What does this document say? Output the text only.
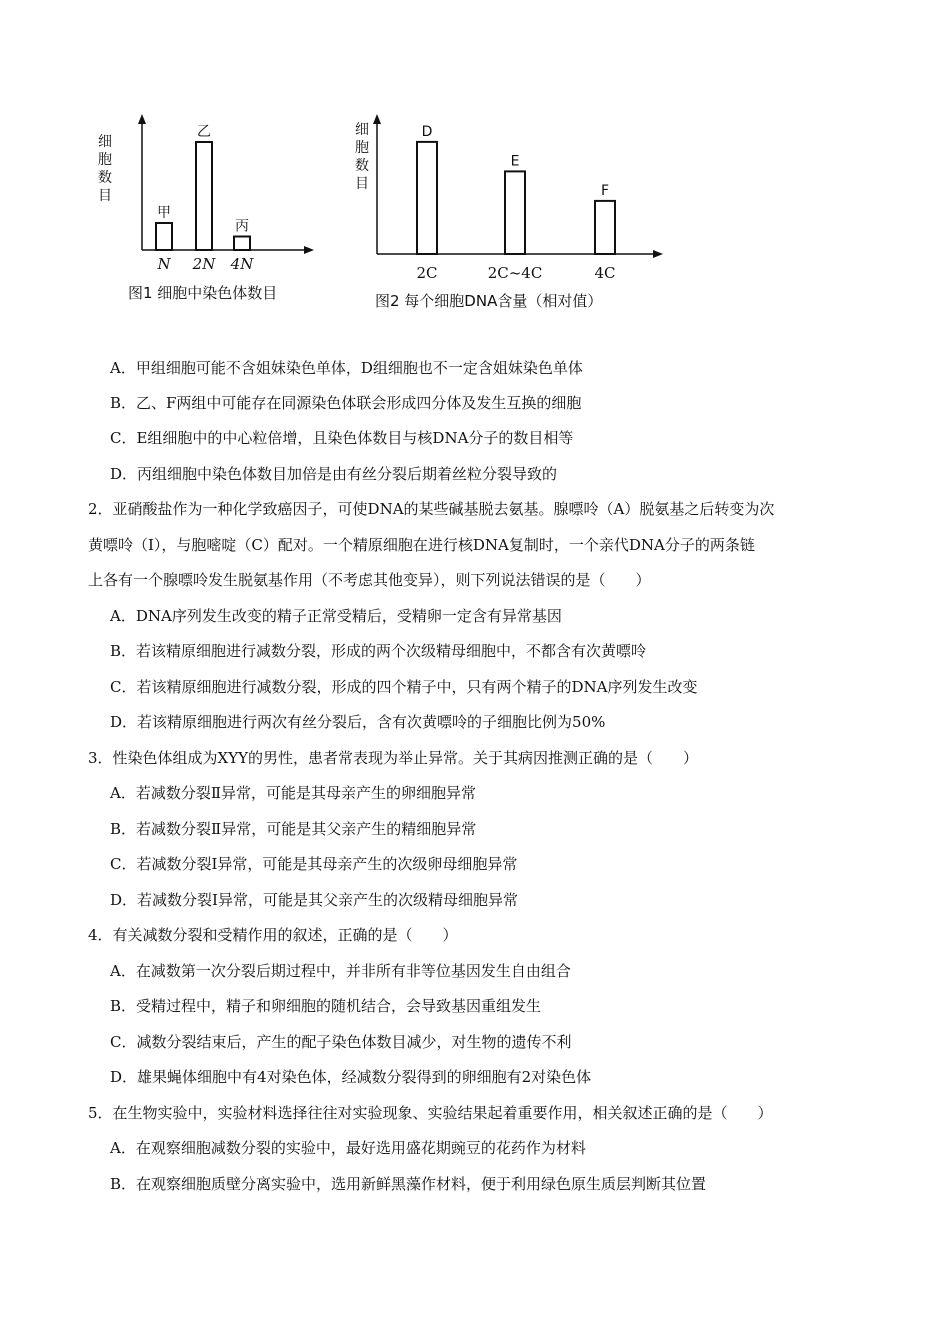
细
胞
数
目
甲
N
乙
2N
丙
4N
图1 细胞中染色体数目
细
胞
数
目
D
2C
E
2C~4C
F
4C
图2 每个细胞DNA含量（相对值）
A．甲组细胞可能不含姐妹染色单体，D组细胞也不一定含姐妹染色单体
B．乙、F两组中可能存在同源染色体联会形成四分体及发生互换的细胞
C．E组细胞中的中心粒倍增，且染色体数目与核DNA分子的数目相等
D．丙组细胞中染色体数目加倍是由有丝分裂后期着丝粒分裂导致的
2．亚硝酸盐作为一种化学致癌因子，可使DNA的某些碱基脱去氨基。腺嘌呤（A）脱氨基之后转变为次
黄嘌呤（Ⅰ），与胞嘧啶（C）配对。一个精原细胞在进行核DNA复制时，一个亲代DNA分子的两条链
上各有一个腺嘌呤发生脱氨基作用（不考虑其他变异），则下列说法错误的是（　　）
A．DNA序列发生改变的精子正常受精后，受精卵一定含有异常基因
B．若该精原细胞进行减数分裂，形成的两个次级精母细胞中，不都含有次黄嘌呤
C．若该精原细胞进行减数分裂，形成的四个精子中，只有两个精子的DNA序列发生改变
D．若该精原细胞进行两次有丝分裂后，含有次黄嘌呤的子细胞比例为50%
3．性染色体组成为XYY的男性，患者常表现为举止异常。关于其病因推测正确的是（　　）
A．若减数分裂Ⅱ异常，可能是其母亲产生的卵细胞异常
B．若减数分裂Ⅱ异常，可能是其父亲产生的精细胞异常
C．若减数分裂Ⅰ异常，可能是其母亲产生的次级卵母细胞异常
D．若减数分裂Ⅰ异常，可能是其父亲产生的次级精母细胞异常
4．有关减数分裂和受精作用的叙述，正确的是（　　）
A．在减数第一次分裂后期过程中，并非所有非等位基因发生自由组合
B．受精过程中，精子和卵细胞的随机结合，会导致基因重组发生
C．减数分裂结束后，产生的配子染色体数目减少，对生物的遗传不利
D．雄果蝇体细胞中有4对染色体，经减数分裂得到的卵细胞有2对染色体
5．在生物实验中，实验材料选择往往对实验现象、实验结果起着重要作用，相关叙述正确的是（　　）
A．在观察细胞减数分裂的实验中，最好选用盛花期豌豆的花药作为材料
B．在观察细胞质壁分离实验中，选用新鲜黑藻作材料，便于利用绿色原生质层判断其位置
